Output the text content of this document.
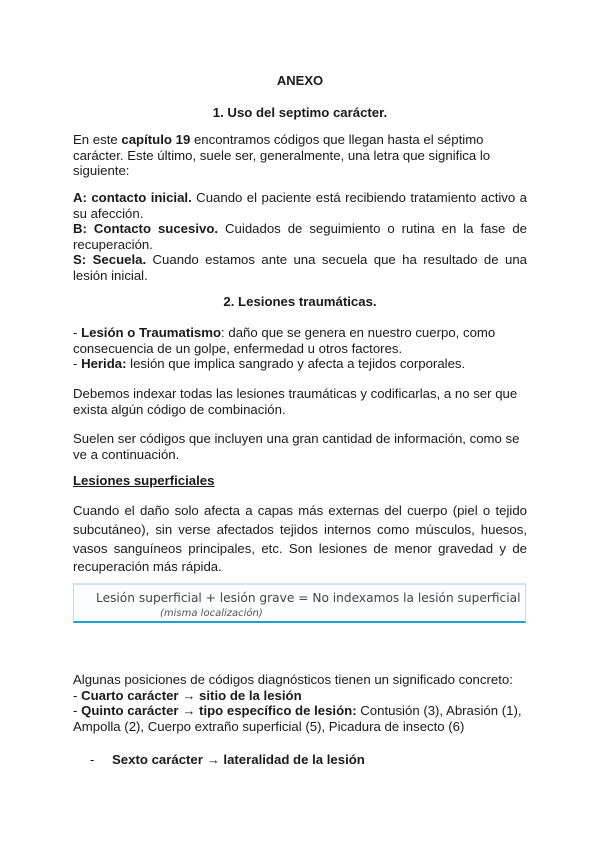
ANEXO
1. Uso del septimo carácter.
En este capítulo 19 encontramos códigos que llegan hasta el séptimo carácter. Este último, suele ser, generalmente, una letra que significa lo siguiente:
A: contacto inicial. Cuando el paciente está recibiendo tratamiento activo a su afección.
B: Contacto sucesivo. Cuidados de seguimiento o rutina en la fase de recuperación.
S: Secuela. Cuando estamos ante una secuela que ha resultado de una lesión inicial.
2. Lesiones traumáticas.
- Lesión o Traumatismo: daño que se genera en nuestro cuerpo, como consecuencia de un golpe, enfermedad u otros factores.
- Herida: lesión que implica sangrado y afecta a tejidos corporales.
Debemos indexar todas las lesiones traumáticas y codificarlas, a no ser que exista algún código de combinación.
Suelen ser códigos que incluyen una gran cantidad de información, como se ve a continuación.
Lesiones superficiales
Cuando el daño solo afecta a capas más externas del cuerpo (piel o tejido subcutáneo), sin verse afectados tejidos internos como músculos, huesos, vasos sanguíneos principales, etc. Son lesiones de menor gravedad y de recuperación más rápida.
Lesión superficial + lesión grave = No indexamos la lesión superficial
(misma localización)
Algunas posiciones de códigos diagnósticos tienen un significado concreto:
- Cuarto carácter → sitio de la lesión
- Quinto carácter → tipo específico de lesión: Contusión (3), Abrasión (1), Ampolla (2), Cuerpo extraño superficial (5), Picadura de insecto (6)
- Sexto carácter → lateralidad de la lesión
